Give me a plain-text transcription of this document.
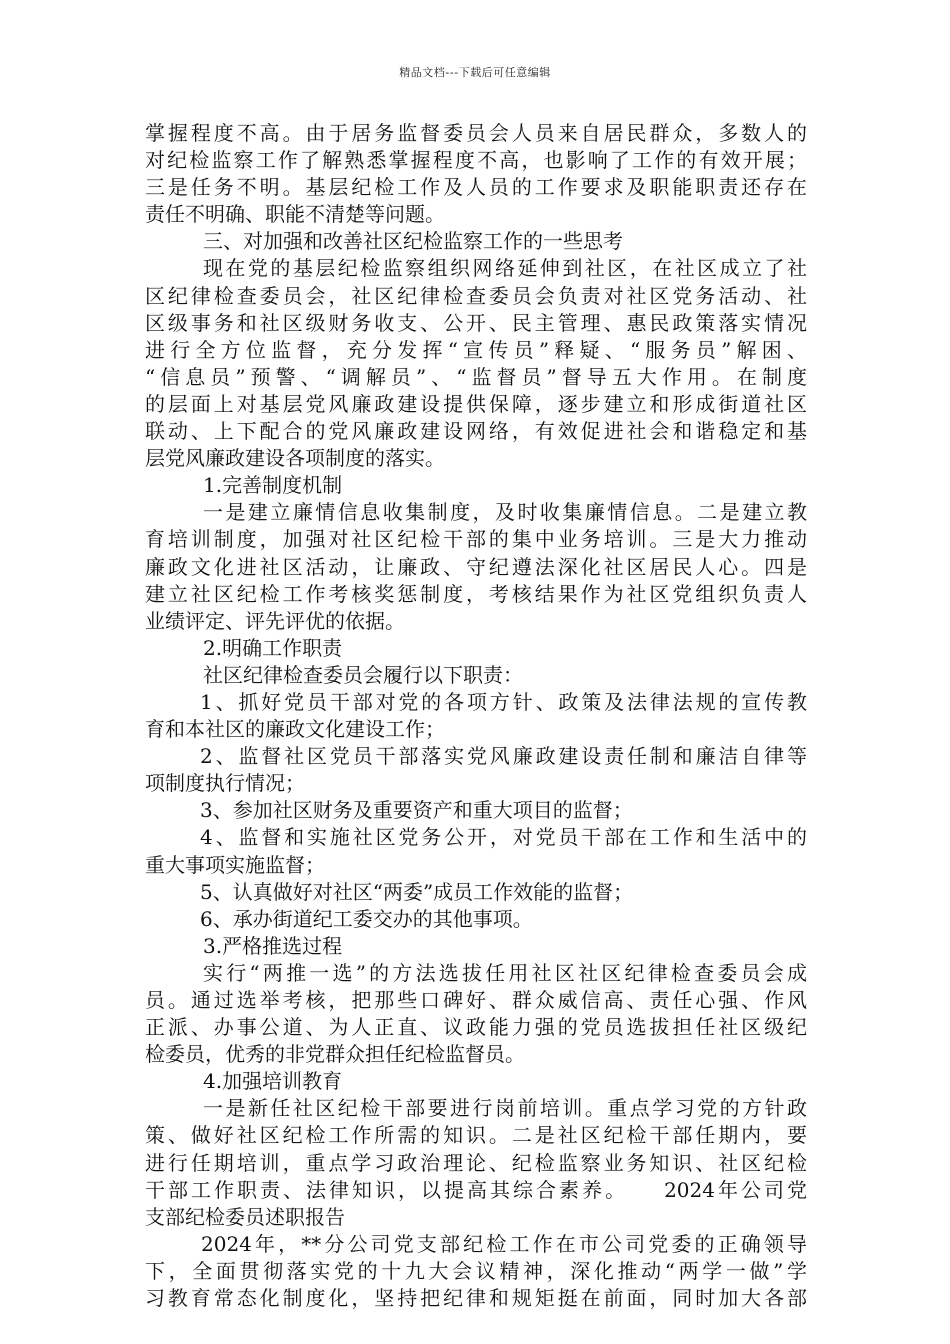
精品文档---下载后可任意编辑
掌握程度不高。由于居务监督委员会人员来自居民群众，多数人的
对纪检监察工作了解熟悉掌握程度不高，也影响了工作的有效开展；
三是任务不明。基层纪检工作及人员的工作要求及职能职责还存在
责任不明确、职能不清楚等问题。
三、对加强和改善社区纪检监察工作的一些思考
现在党的基层纪检监察组织网络延伸到社区，在社区成立了社
区纪律检查委员会，社区纪律检查委员会负责对社区党务活动、社
区级事务和社区级财务收支、公开、民主管理、惠民政策落实情况
进行全方位监督，充分发挥“宣传员”释疑、“服务员”解困、
“信息员”预警、“调解员”、“监督员”督导五大作用。在制度
的层面上对基层党风廉政建设提供保障，逐步建立和形成街道社区
联动、上下配合的党风廉政建设网络，有效促进社会和谐稳定和基
层党风廉政建设各项制度的落实。
1.完善制度机制
一是建立廉情信息收集制度，及时收集廉情信息。二是建立教
育培训制度，加强对社区纪检干部的集中业务培训。三是大力推动
廉政文化进社区活动，让廉政、守纪遵法深化社区居民人心。四是
建立社区纪检工作考核奖惩制度，考核结果作为社区党组织负责人
业绩评定、评先评优的依据。
2.明确工作职责
社区纪律检查委员会履行以下职责：
1、抓好党员干部对党的各项方针、政策及法律法规的宣传教
育和本社区的廉政文化建设工作；
2、监督社区党员干部落实党风廉政建设责任制和廉洁自律等
项制度执行情况；
3、参加社区财务及重要资产和重大项目的监督；
4、监督和实施社区党务公开，对党员干部在工作和生活中的
重大事项实施监督；
5、认真做好对社区“两委”成员工作效能的监督；
6、承办街道纪工委交办的其他事项。
3.严格推选过程
实行“两推一选”的方法选拔任用社区社区纪律检查委员会成
员。通过选举考核，把那些口碑好、群众威信高、责任心强、作风
正派、办事公道、为人正直、议政能力强的党员选拔担任社区级纪
检委员，优秀的非党群众担任纪检监督员。
4.加强培训教育
一是新任社区纪检干部要进行岗前培训。重点学习党的方针政
策、做好社区纪检工作所需的知识。二是社区纪检干部任期内，要
进行任期培训，重点学习政治理论、纪检监察业务知识、社区纪检
干部工作职责、法律知识，以提高其综合素养。　　2024年公司党
支部纪检委员述职报告
2024年，**分公司党支部纪检工作在市公司党委的正确领导
下，全面贯彻落实党的十九大会议精神，深化推动“两学一做”学
习教育常态化制度化，坚持把纪律和规矩挺在前面，同时加大各部
